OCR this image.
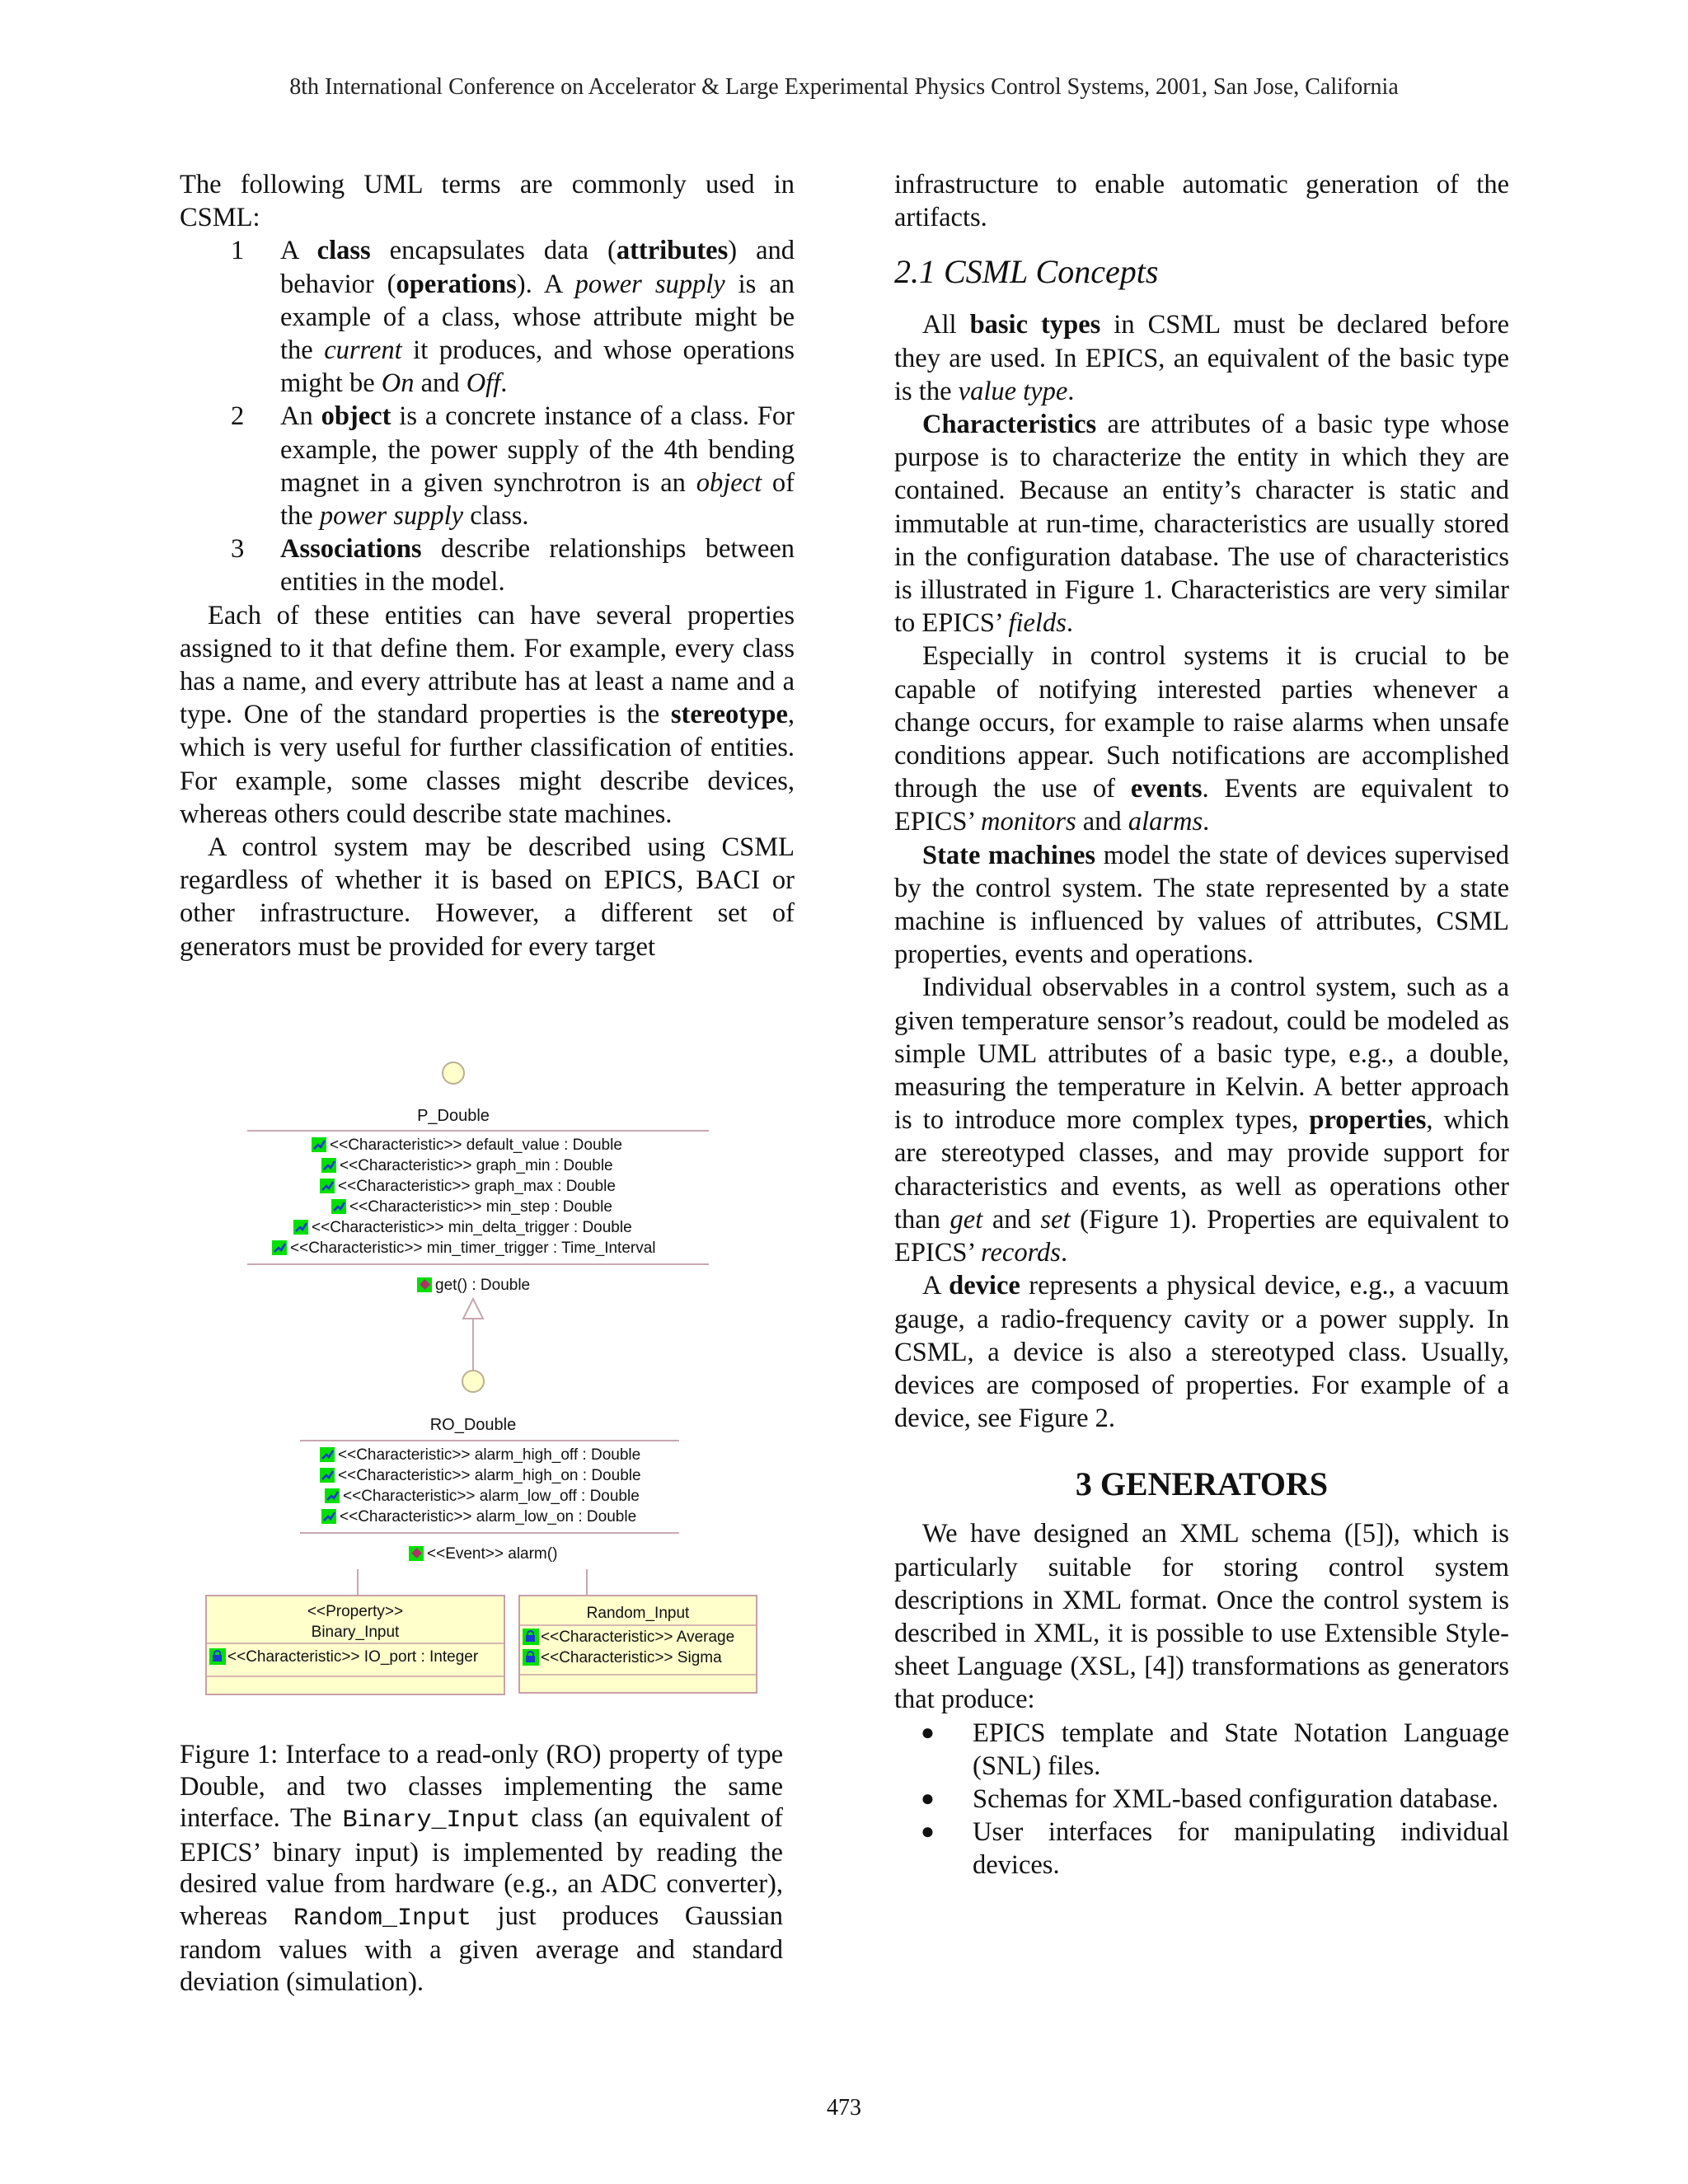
8th International Conference on Accelerator & Large Experimental Physics Control Systems, 2001, San Jose, California

The following UML terms are commonly used in CSML:

1 A class encapsulates data (attributes) and behavior (operations). A power supply is an example of a class, whose attribute might be the current it produces, and whose operations might be On and Off.
2 An object is a concrete instance of a class. For example, the power supply of the 4th bending magnet in a given synchrotron is an object of the power supply class.
3 Associations describe relationships between entities in the model.

Each of these entities can have several properties assigned to it that define them. For example, every class has a name, and every attribute has at least a name and a type. One of the standard properties is the stereotype, which is very useful for further classification of entities. For example, some classes might describe devices, whereas others could describe state machines.

A control system may be described using CSML regardless of whether it is based on EPICS, BACI or other infrastructure. However, a different set of generators must be provided for every target

P_Double
<<Characteristic>> default_value : Double
<<Characteristic>> graph_min : Double
<<Characteristic>> graph_max : Double
<<Characteristic>> min_step : Double
<<Characteristic>> min_delta_trigger : Double
<<Characteristic>> min_timer_trigger : Time_Interval
get() : Double
RO_Double
<<Characteristic>> alarm_high_off : Double
<<Characteristic>> alarm_high_on : Double
<<Characteristic>> alarm_low_off : Double
<<Characteristic>> alarm_low_on : Double
<<Event>> alarm()
<<Property>>
Binary_Input
<<Characteristic>> IO_port : Integer
Random_Input
<<Characteristic>> Average
<<Characteristic>> Sigma
Figure 1: Interface to a read-only (RO) property of type Double, and two classes implementing the same interface. The Binary_Input class (an equivalent of EPICS’ binary input) is implemented by reading the desired value from hardware (e.g., an ADC converter), whereas Random_Input just produces Gaussian random values with a given average and standard deviation (simulation).

infrastructure to enable automatic generation of the artifacts.

2.1 CSML Concepts

All basic types in CSML must be declared before they are used. In EPICS, an equivalent of the basic type is the value type.

Characteristics are attributes of a basic type whose purpose is to characterize the entity in which they are contained. Because an entity’s character is static and immutable at run-time, characteristics are usually stored in the configuration database. The use of characteristics is illustrated in Figure 1. Characteristics are very similar to EPICS’ fields.

Especially in control systems it is crucial to be capable of notifying interested parties whenever a change occurs, for example to raise alarms when unsafe conditions appear. Such notifications are accomplished through the use of events. Events are equivalent to EPICS’ monitors and alarms.

State machines model the state of devices supervised by the control system. The state represented by a state machine is influenced by values of attributes, CSML properties, events and operations.

Individual observables in a control system, such as a given temperature sensor’s readout, could be modeled as simple UML attributes of a basic type, e.g., a double, measuring the temperature in Kelvin. A better approach is to introduce more complex types, properties, which are stereotyped classes, and may provide support for characteristics and events, as well as operations other than get and set (Figure 1). Properties are equivalent to EPICS’ records.

A device represents a physical device, e.g., a vacuum gauge, a radio-frequency cavity or a power supply. In CSML, a device is also a stereotyped class. Usually, devices are composed of properties. For example of a device, see Figure 2.

3 GENERATORS

We have designed an XML schema ([5]), which is particularly suitable for storing control system descriptions in XML format. Once the control system is described in XML, it is possible to use Extensible Style-sheet Language (XSL, [4]) transformations as generators that produce:

● EPICS template and State Notation Language (SNL) files.
● Schemas for XML-based configuration database.
● User interfaces for manipulating individual devices.
473
